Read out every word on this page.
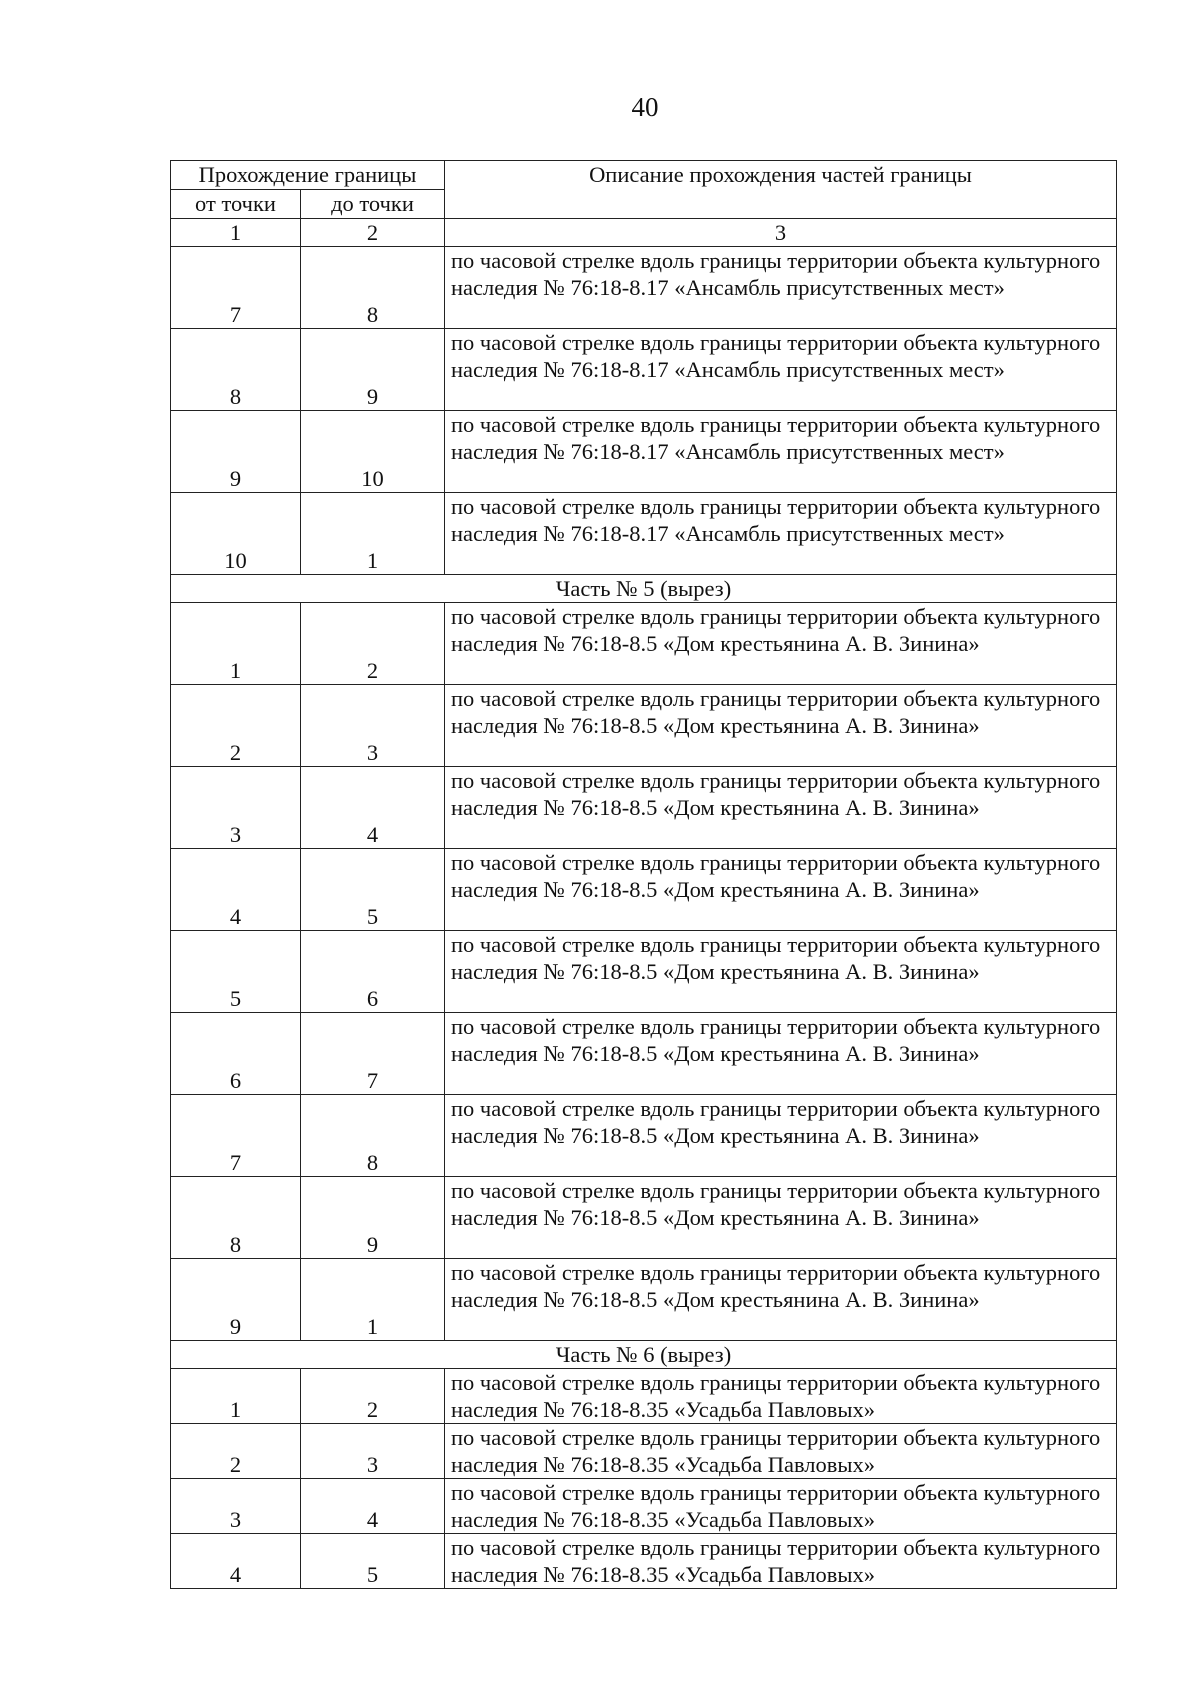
40
Прохождение границы		Описание прохождения частей границы
от точки	до точки	
1	2	3
7	8	по часовой стрелке вдоль границы территории объекта культурного наследия № 76:18-8.17 «Ансамбль присутственных мест»
8	9	по часовой стрелке вдоль границы территории объекта культурного наследия № 76:18-8.17 «Ансамбль присутственных мест»
9	10	по часовой стрелке вдоль границы территории объекта культурного наследия № 76:18-8.17 «Ансамбль присутственных мест»
10	1	по часовой стрелке вдоль границы территории объекта культурного наследия № 76:18-8.17 «Ансамбль присутственных мест»
Часть № 5 (вырез)		
1	2	по часовой стрелке вдоль границы территории объекта культурного наследия № 76:18-8.5 «Дом крестьянина А. В. Зинина»
2	3	по часовой стрелке вдоль границы территории объекта культурного наследия № 76:18-8.5 «Дом крестьянина А. В. Зинина»
3	4	по часовой стрелке вдоль границы территории объекта культурного наследия № 76:18-8.5 «Дом крестьянина А. В. Зинина»
4	5	по часовой стрелке вдоль границы территории объекта культурного наследия № 76:18-8.5 «Дом крестьянина А. В. Зинина»
5	6	по часовой стрелке вдоль границы территории объекта культурного наследия № 76:18-8.5 «Дом крестьянина А. В. Зинина»
6	7	по часовой стрелке вдоль границы территории объекта культурного наследия № 76:18-8.5 «Дом крестьянина А. В. Зинина»
7	8	по часовой стрелке вдоль границы территории объекта культурного наследия № 76:18-8.5 «Дом крестьянина А. В. Зинина»
8	9	по часовой стрелке вдоль границы территории объекта культурного наследия № 76:18-8.5 «Дом крестьянина А. В. Зинина»
9	1	по часовой стрелке вдоль границы территории объекта культурного наследия № 76:18-8.5 «Дом крестьянина А. В. Зинина»
Часть № 6 (вырез)		
1	2	по часовой стрелке вдоль границы территории объекта культурного наследия № 76:18-8.35 «Усадьба Павловых»
2	3	по часовой стрелке вдоль границы территории объекта культурного наследия № 76:18-8.35 «Усадьба Павловых»
3	4	по часовой стрелке вдоль границы территории объекта культурного наследия № 76:18-8.35 «Усадьба Павловых»
4	5	по часовой стрелке вдоль границы территории объекта культурного наследия № 76:18-8.35 «Усадьба Павловых»
